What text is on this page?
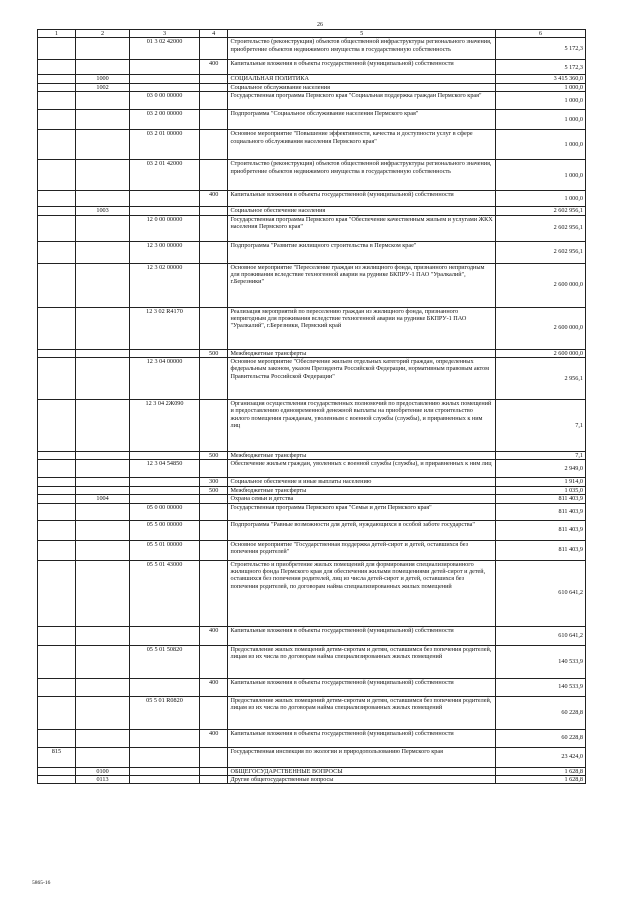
26
1	2	3	4	5	6
		01 3 02 42000		Строительство (реконструкция) объектов общественной инфраструктуры регионального значения, приобретение объектов недвижимого имущества в государственную собственность	5 172,3
			400	Капитальные вложения в объекты государственной (муниципальной) собственности	5 172,3
	1000			СОЦИАЛЬНАЯ ПОЛИТИКА	3 415 360,0
	1002			Социальное обслуживание населения	1 000,0
		03 0 00 00000		Государственная программа Пермского края "Социальная поддержка граждан Пермского края"	1 000,0
		03 2 00 00000		Подпрограмма "Социальное обслуживание населения Пермского края"	1 000,0
		03 2 01 00000		Основное мероприятие "Повышение эффективности, качества и доступности услуг в сфере социального обслуживания населения Пермского края"	1 000,0
		03 2 01 42000		Строительство (реконструкция) объектов общественной инфраструктуры регионального значения, приобретение объектов недвижимого имущества в государственную собственность	1 000,0
			400	Капитальные вложения в объекты государственной (муниципальной) собственности	1 000,0
	1003			Социальное обеспечение населения	2 602 956,1
		12 0 00 00000		Государственная программа Пермского края "Обеспечение качественным жильем и услугами ЖКХ населения Пермского края"	2 602 956,1
		12 3 00 00000		Подпрограмма "Развитие жилищного строительства в Пермском крае"	2 602 956,1
		12 3 02 00000		Основное мероприятие "Переселение граждан из жилищного фонда, признанного непригодным для проживания вследствие техногенной аварии на руднике БКПРУ-1 ПАО "Уралкалий", г.Березники"	2 600 000,0
		12 3 02 R4170		Реализация мероприятий по переселению граждан из жилищного фонда, признанного непригодным для проживания вследствие техногенной аварии на руднике БКПРУ-1 ПАО "Уралкалий", г.Березники, Пермский край	2 600 000,0
			500	Межбюджетные трансферты	2 600 000,0
		12 3 04 00000		Основное мероприятие "Обеспечение жильем отдельных категорий граждан, определенных федеральным законом, указом Президента Российской Федерации, нормативным правовым актом Правительства Российской Федерации"	2 956,1
		12 3 04 2Ж090		Организация осуществления государственных полномочий по предоставлению жилых помещений и предоставлению единовременной денежной выплаты на приобретение или строительство жилого помещения гражданам, уволенным с военной службы (службы), и приравненных к ним лиц	7,1
			500	Межбюджетные трансферты	7,1
		12 3 04 54850		Обеспечение жильем граждан, уволенных с военной службы (службы), и приравненных к ним лиц	2 949,0
			300	Социальное обеспечение и иные выплаты населению	1 914,0
			500	Межбюджетные трансферты	1 035,0
	1004			Охрана семьи и детства	811 403,9
		05 0 00 00000		Государственная программа Пермского края "Семья и дети Пермского края"	811 403,9
		05 5 00 00000		Подпрограмма "Равные возможности для детей, нуждающихся в особой заботе государства"	811 403,9
		05 5 01 00000		Основное мероприятие "Государственная поддержка детей-сирот и детей, оставшихся без попечения родителей"	811 403,9
		05 5 01 43000		Строительство и приобретение жилых помещений для формирования специализированного жилищного фонда Пермского края для обеспечения жилыми помещениями детей-сирот и детей, оставшихся без попечения родителей, лиц из числа детей-сирот и детей, оставшихся без попечения родителей, по договорам найма специализированных жилых помещений	610 641,2
			400	Капитальные вложения в объекты государственной (муниципальной) собственности	610 641,2
		05 5 01 50820		Предоставление жилых помещений детям-сиротам и детям, оставшимся без попечения родителей, лицам из их числа по договорам найма специализированных жилых помещений	140 533,9
			400	Капитальные вложения в объекты государственной (муниципальной) собственности	140 533,9
		05 5 01 R0820		Предоставление жилых помещений детям-сиротам и детям, оставшимся без попечения родителей, лицам из их числа по договорам найма специализированных жилых помещений	60 228,8
			400	Капитальные вложения в объекты государственной (муниципальной) собственности	60 228,8
815				Государственная инспекция по экологии и природопользованию Пермского края	23 424,0
	0100			ОБЩЕГОСУДАРСТВЕННЫЕ ВОПРОСЫ	1 628,8
	0113			Другие общегосударственные вопросы	1 628,8
5865-16
